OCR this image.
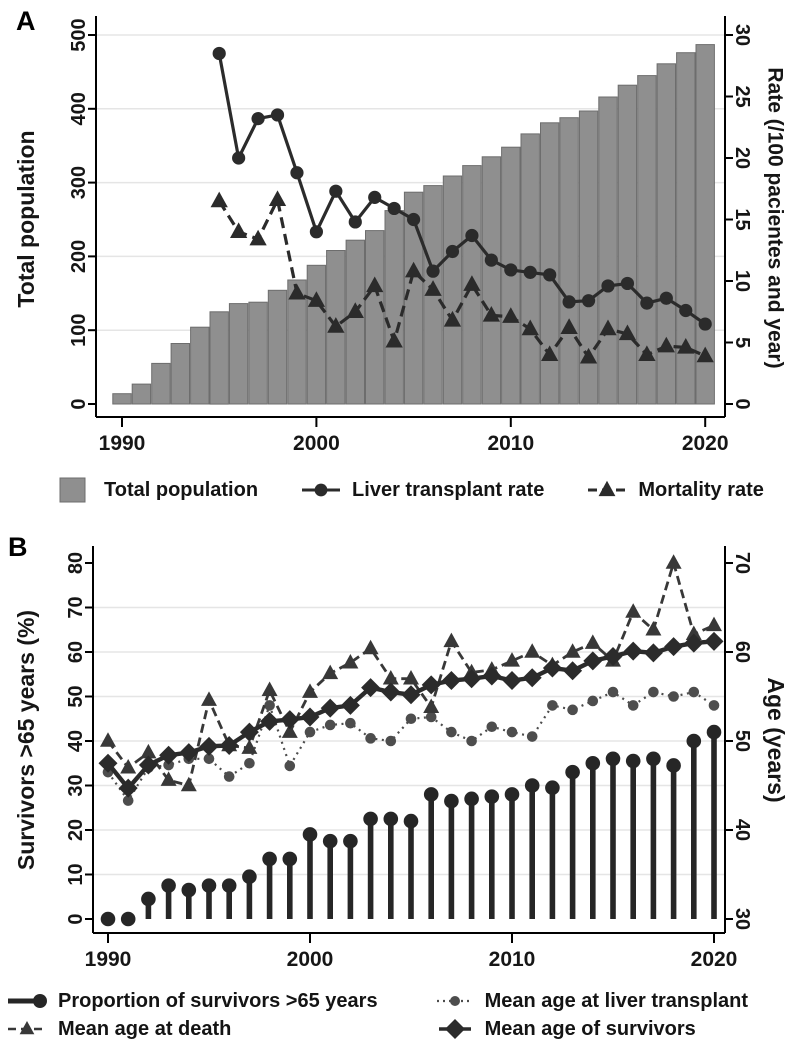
A
0
100
200
300
400
500
0
5
10
15
20
25
30
1990	2000	2010	2020
Total population	Rate (/100 pacientes and year)
Total population	Liver transplant rate	Mortality rate
B
0
10
20
30
40
50
60
70
80
30
40
50
60
70
1990	2000	2010	2020
Survivors >65 years (%)	Age (years)
Proportion of survivors >65 years	Mean age at liver transplant
Mean age at death	Mean age of survivors
